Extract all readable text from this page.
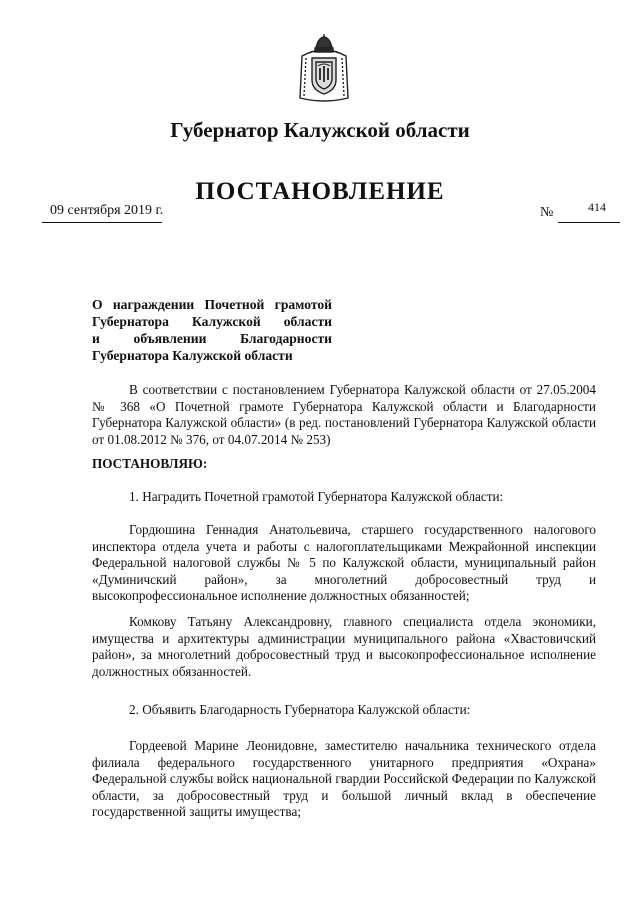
Губернатор Калужской области
ПОСТАНОВЛЕНИЕ
09 сентября 2019 г.	№	414
О награждении Почетной грамотой
Губернатора Калужской области
и объявлении Благодарности
Губернатора Калужской области

В соответствии с постановлением Губернатора Калужской области от 27.05.2004 № 368 «О Почетной грамоте Губернатора Калужской области и Благодарности Губернатора Калужской области» (в ред. постановлений Губернатора Калужской области от 01.08.2012 № 376, от 04.07.2014 № 253)

ПОСТАНОВЛЯЮ:

1. Наградить Почетной грамотой Губернатора Калужской области:

Гордюшина Геннадия Анатольевича, старшего государственного налогового инспектора отдела учета и работы с налогоплательщиками Межрайонной инспекции Федеральной налоговой службы № 5 по Калужской области, муниципальный район «Думиничский район», за многолетний добросовестный труд и высокопрофессиональное исполнение должностных обязанностей;

Комкову Татьяну Александровну, главного специалиста отдела экономики, имущества и архитектуры администрации муниципального района «Хвастовичский район», за многолетний добросовестный труд и высокопрофессиональное исполнение должностных обязанностей.

2. Объявить Благодарность Губернатора Калужской области:

Гордеевой Марине Леонидовне, заместителю начальника технического отдела филиала федерального государственного унитарного предприятия «Охрана» Федеральной службы войск национальной гвардии Российской Федерации по Калужской области, за добросовестный труд и большой личный вклад в обеспечение государственной защиты имущества;
